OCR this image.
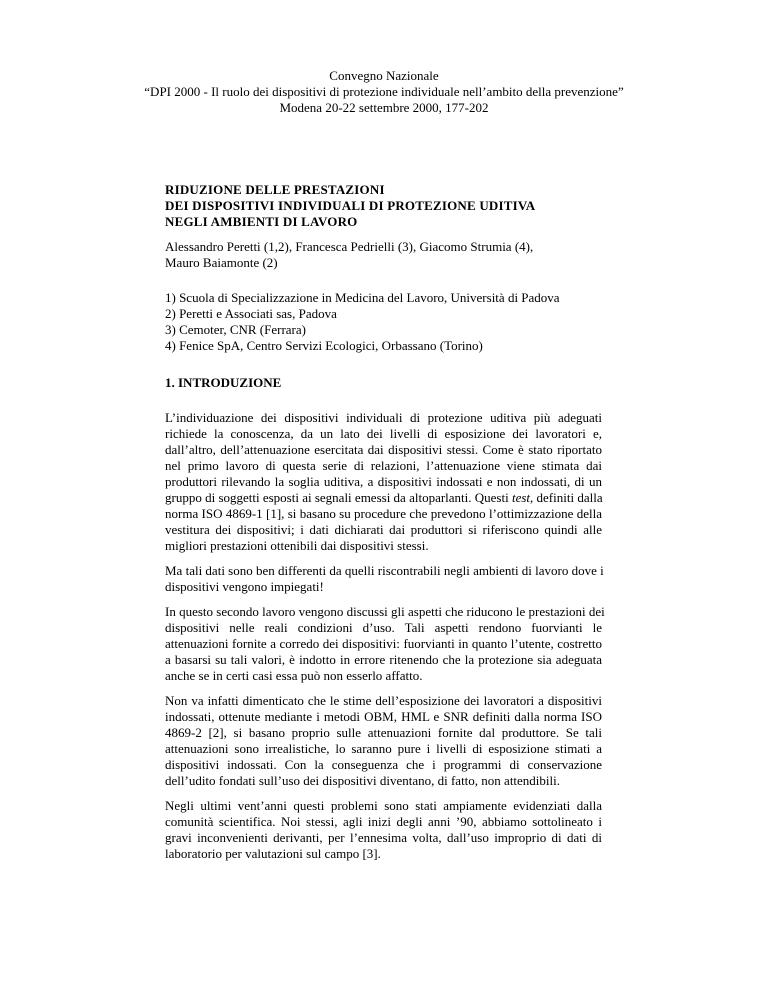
Convegno Nazionale
“DPI 2000 - Il ruolo dei dispositivi di protezione individuale nell’ambito della prevenzione”
Modena 20-22 settembre 2000, 177-202
RIDUZIONE DELLE PRESTAZIONI
DEI DISPOSITIVI INDIVIDUALI DI PROTEZIONE UDITIVA
NEGLI AMBIENTI DI LAVORO
Alessandro Peretti (1,2), Francesca Pedrielli (3), Giacomo Strumia (4),
Mauro Baiamonte (2)
1) Scuola di Specializzazione in Medicina del Lavoro, Università di Padova
2) Peretti e Associati sas, Padova
3) Cemoter, CNR (Ferrara)
4) Fenice SpA, Centro Servizi Ecologici, Orbassano (Torino)
1. INTRODUZIONE
L’individuazione dei dispositivi individuali di protezione uditiva più adeguati
richiede la conoscenza, da un lato dei livelli di esposizione dei lavoratori e,
dall’altro, dell’attenuazione esercitata dai dispositivi stessi. Come è stato riportato
nel primo lavoro di questa serie di relazioni, l’attenuazione viene stimata dai
produttori rilevando la soglia uditiva, a dispositivi indossati e non indossati, di un
gruppo di soggetti esposti ai segnali emessi da altoparlanti. Questi test, definiti dalla
norma ISO 4869-1 [1], si basano su procedure che prevedono l’ottimizzazione della
vestitura dei dispositivi; i dati dichiarati dai produttori si riferiscono quindi alle
migliori prestazioni ottenibili dai dispositivi stessi.
Ma tali dati sono ben differenti da quelli riscontrabili negli ambienti di lavoro dove i
dispositivi vengono impiegati!
In questo secondo lavoro vengono discussi gli aspetti che riducono le prestazioni dei
dispositivi nelle reali condizioni d’uso. Tali aspetti rendono fuorvianti le
attenuazioni fornite a corredo dei dispositivi: fuorvianti in quanto l’utente, costretto
a basarsi su tali valori, è indotto in errore ritenendo che la protezione sia adeguata
anche se in certi casi essa può non esserlo affatto.
Non va infatti dimenticato che le stime dell’esposizione dei lavoratori a dispositivi
indossati, ottenute mediante i metodi OBM, HML e SNR definiti dalla norma ISO
4869-2 [2], si basano proprio sulle attenuazioni fornite dal produttore. Se tali
attenuazioni sono irrealistiche, lo saranno pure i livelli di esposizione stimati a
dispositivi indossati. Con la conseguenza che i programmi di conservazione
dell’udito fondati sull’uso dei dispositivi diventano, di fatto, non attendibili.
Negli ultimi vent’anni questi problemi sono stati ampiamente evidenziati dalla
comunità scientifica. Noi stessi, agli inizi degli anni ’90, abbiamo sottolineato i
gravi inconvenienti derivanti, per l’ennesima volta, dall’uso improprio di dati di
laboratorio per valutazioni sul campo [3].
